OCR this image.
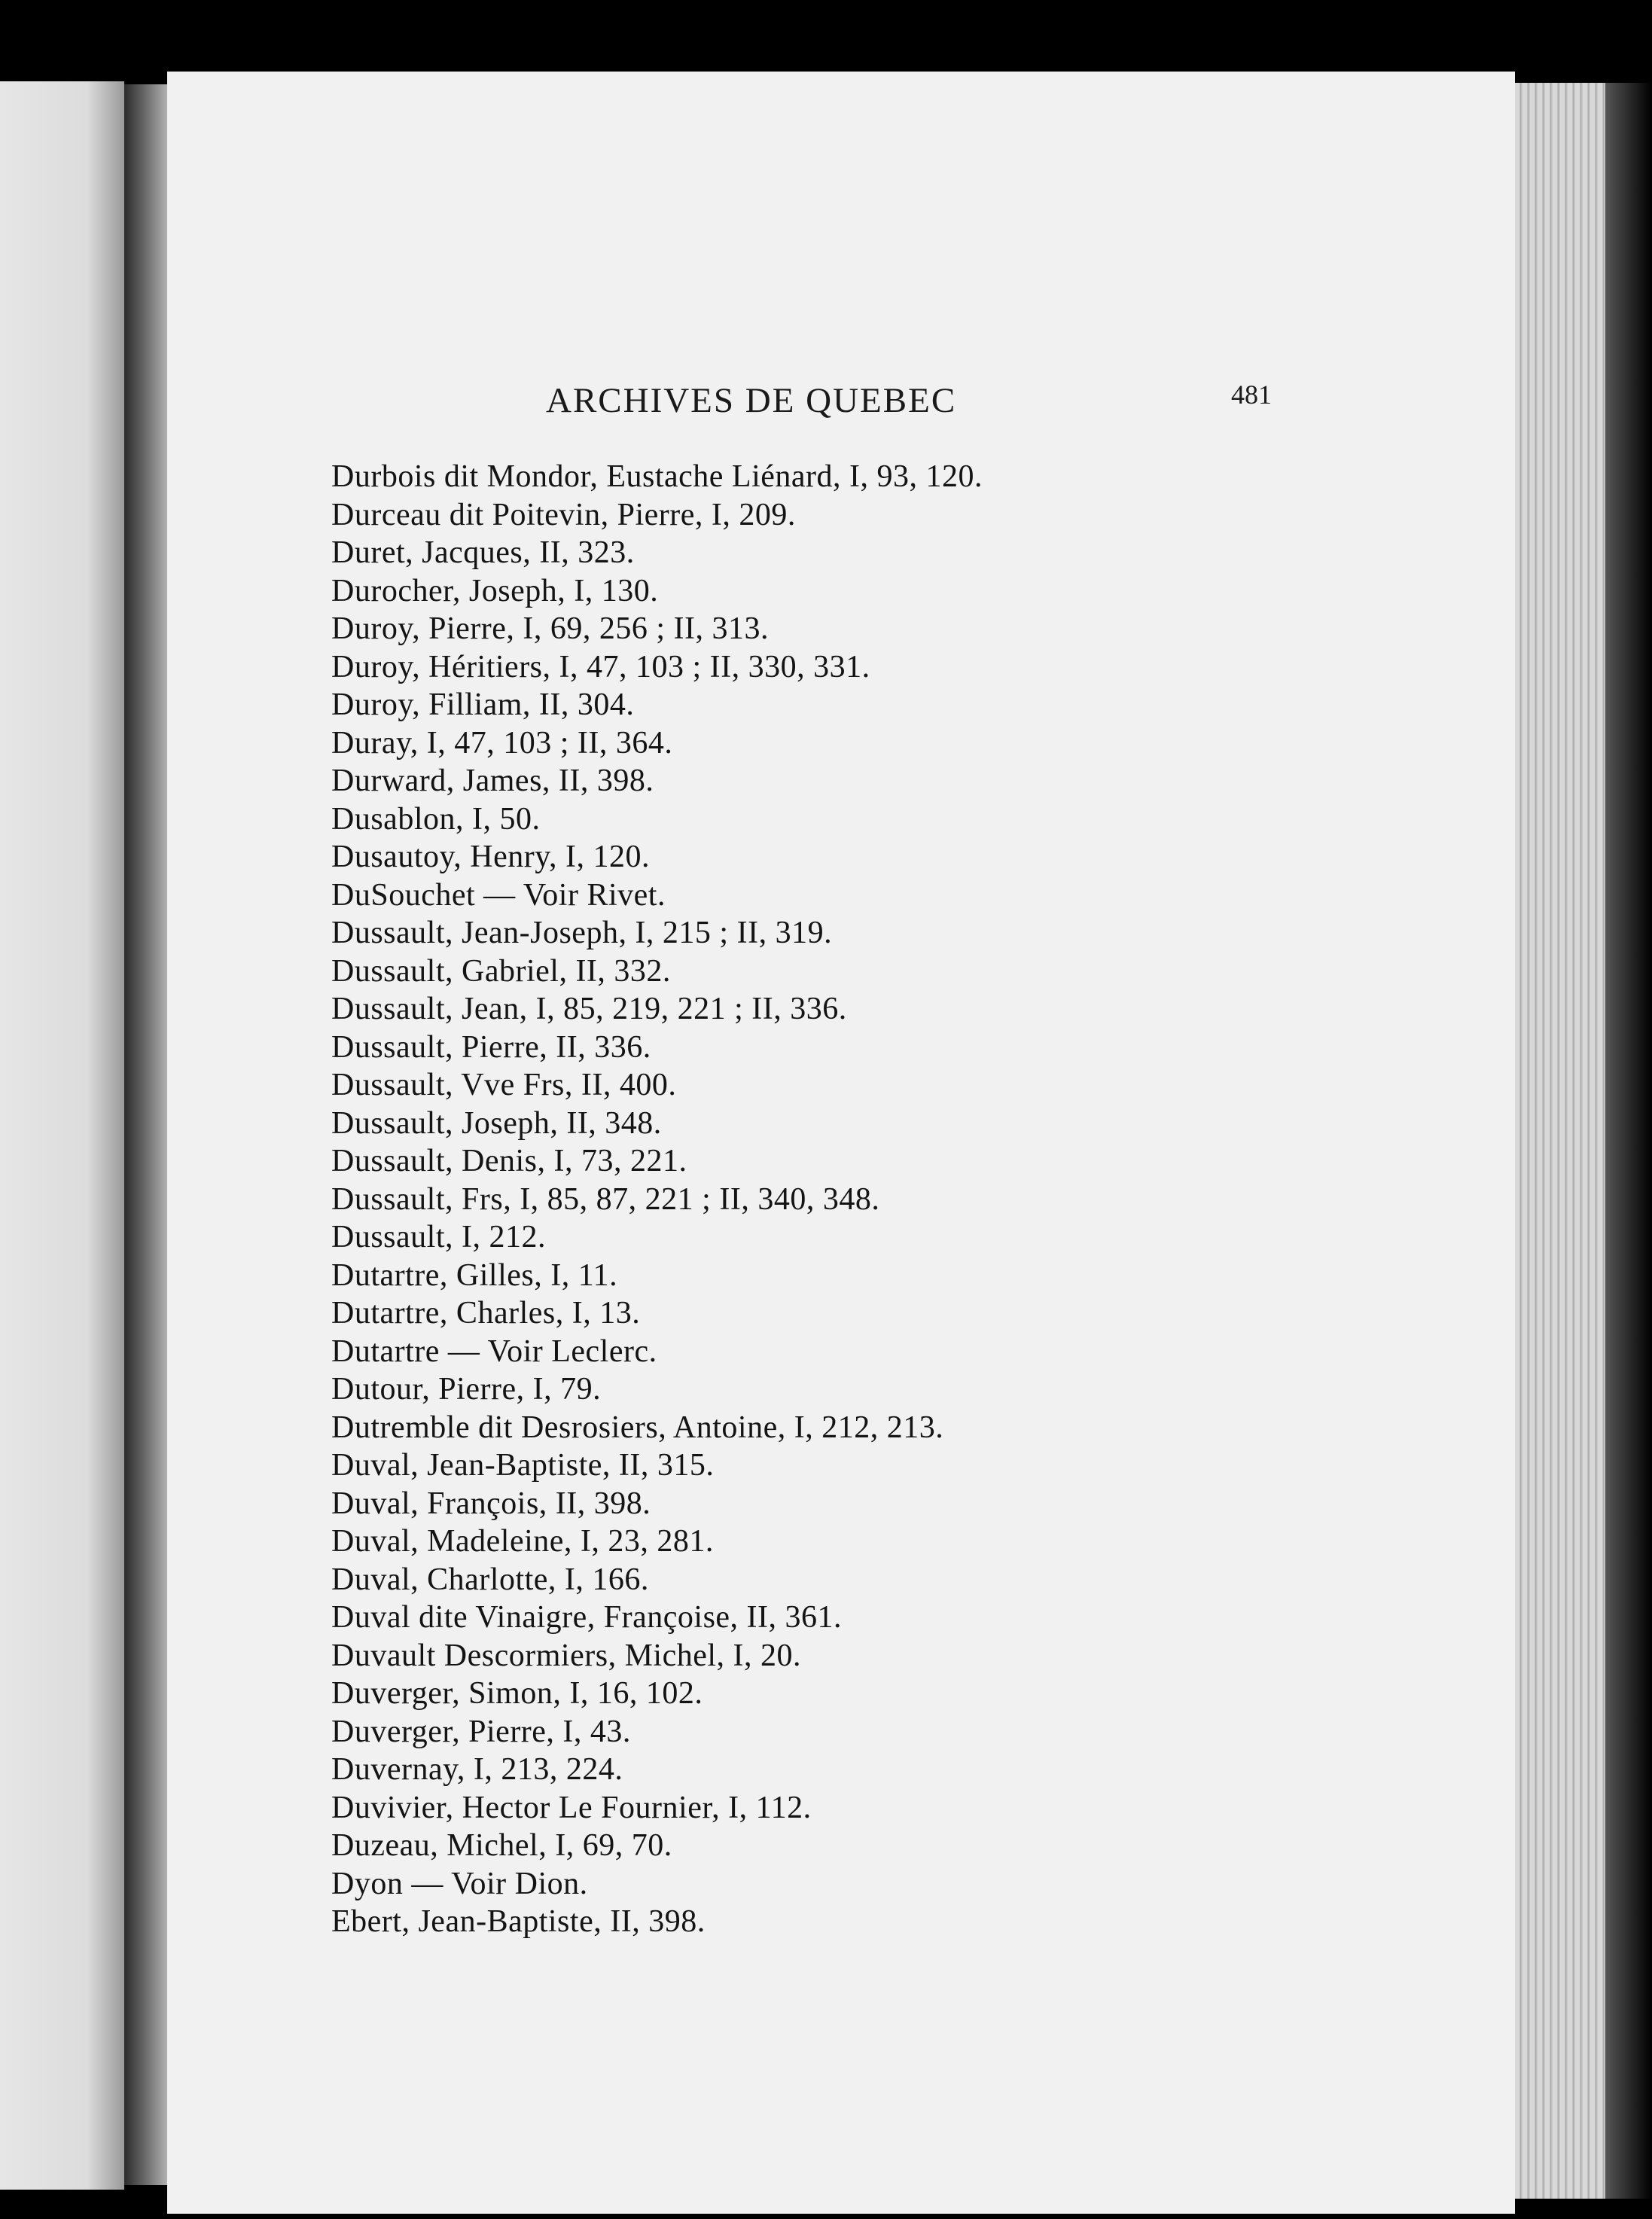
ARCHIVES DE QUEBEC	481
Durbois dit Mondor, Eustache Liénard, I, 93, 120.
Durceau dit Poitevin, Pierre, I, 209.
Duret, Jacques, II, 323.
Durocher, Joseph, I, 130.
Duroy, Pierre, I, 69, 256 ; II, 313.
Duroy, Héritiers, I, 47, 103 ; II, 330, 331.
Duroy, Filliam, II, 304.
Duray, I, 47, 103 ; II, 364.
Durward, James, II, 398.
Dusablon, I, 50.
Dusautoy, Henry, I, 120.
DuSouchet — Voir Rivet.
Dussault, Jean-Joseph, I, 215 ; II, 319.
Dussault, Gabriel, II, 332.
Dussault, Jean, I, 85, 219, 221 ; II, 336.
Dussault, Pierre, II, 336.
Dussault, Vve Frs, II, 400.
Dussault, Joseph, II, 348.
Dussault, Denis, I, 73, 221.
Dussault, Frs, I, 85, 87, 221 ; II, 340, 348.
Dussault, I, 212.
Dutartre, Gilles, I, 11.
Dutartre, Charles, I, 13.
Dutartre — Voir Leclerc.
Dutour, Pierre, I, 79.
Dutremble dit Desrosiers, Antoine, I, 212, 213.
Duval, Jean-Baptiste, II, 315.
Duval, François, II, 398.
Duval, Madeleine, I, 23, 281.
Duval, Charlotte, I, 166.
Duval dite Vinaigre, Françoise, II, 361.
Duvault Descormiers, Michel, I, 20.
Duverger, Simon, I, 16, 102.
Duverger, Pierre, I, 43.
Duvernay, I, 213, 224.
Duvivier, Hector Le Fournier, I, 112.
Duzeau, Michel, I, 69, 70.
Dyon — Voir Dion.
Ebert, Jean-Baptiste, II, 398.
